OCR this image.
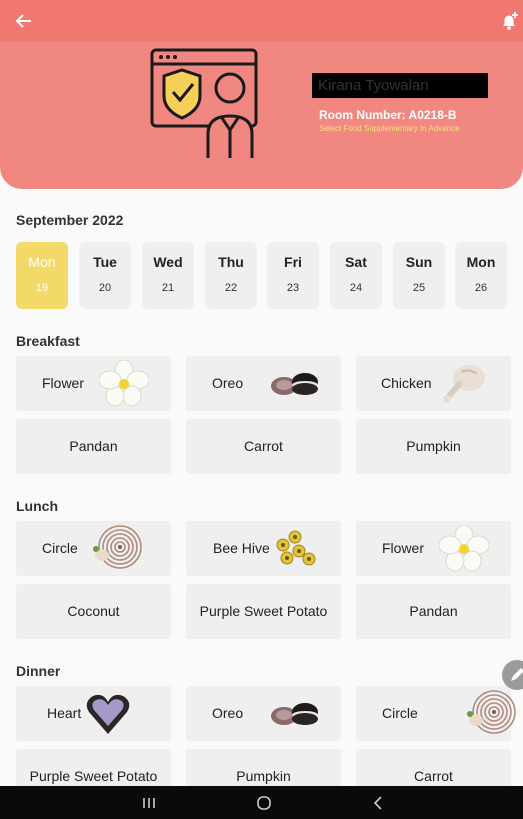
Kirana Tyowalan
Room Number: A0218-B
Select Food Supplementary In Advance
September 2022
Mon
19
Tue
20
Wed
21
Thu
22
Fri
23
Sat
24
Sun
25
Mon
26
Breakfast
Flower	Oreo	Chicken
Pandan	Carrot	Pumpkin
Lunch
Circle	Bee Hive	Flower
Coconut	Purple Sweet Potato	Pandan
Dinner
Heart	Oreo	Circle
Purple Sweet Potato	Pumpkin	Carrot
